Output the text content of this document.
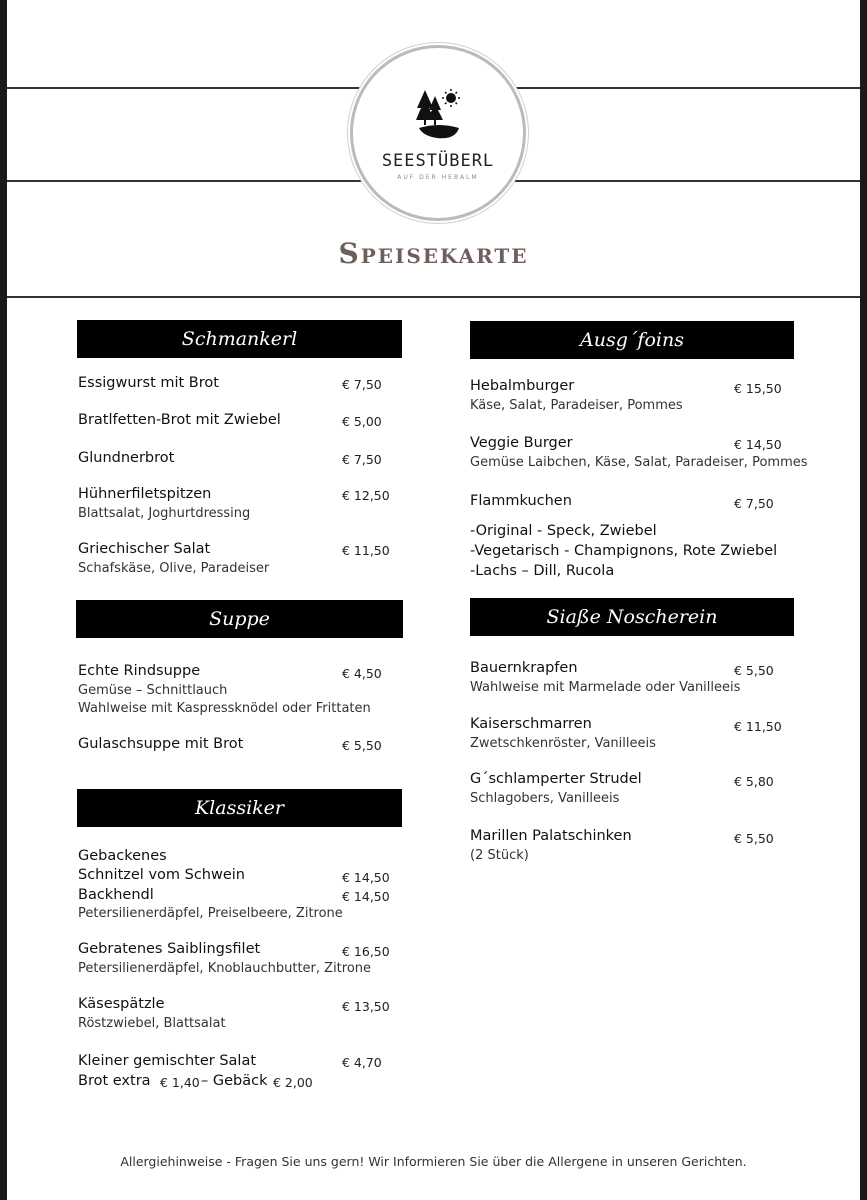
SEESTÜBERL
AUF DER HEBALM
Speisekarte
Schmankerl
Essigwurst mit Brot	€ 7,50
Bratlfetten-Brot mit Zwiebel	€ 5,00
Glundnerbrot	€ 7,50
Hühnerfiletspitzen	€ 12,50
Blattsalat, Joghurtdressing
Griechischer Salat	€ 11,50
Schafskäse, Olive, Paradeiser
Suppe
Echte Rindsuppe	€ 4,50
Gemüse – Schnittlauch
Wahlweise mit Kaspressknödel oder Frittaten
Gulaschsuppe mit Brot	€ 5,50
Klassiker
Gebackenes
Schnitzel vom Schwein	€ 14,50
Backhendl	€ 14,50
Petersilienerdäpfel, Preiselbeere, Zitrone
Gebratenes Saiblingsfilet	€ 16,50
Petersilienerdäpfel, Knoblauchbutter, Zitrone
Käsespätzle	€ 13,50
Röstzwiebel, Blattsalat
Kleiner gemischter Salat	€ 4,70
Brot extra € 1,40 – Gebäck € 2,00
Ausg´foins
Hebalmburger	€ 15,50
Käse, Salat, Paradeiser, Pommes
Veggie Burger	€ 14,50
Gemüse Laibchen, Käse, Salat, Paradeiser, Pommes
Flammkuchen	€ 7,50
-Original - Speck, Zwiebel
-Vegetarisch - Champignons, Rote Zwiebel
-Lachs – Dill, Rucola
Siaße Noscherein
Bauernkrapfen	€ 5,50
Wahlweise mit Marmelade oder Vanilleeis
Kaiserschmarren	€ 11,50
Zwetschkenröster, Vanilleeis
G´schlamperter Strudel	€ 5,80
Schlagobers, Vanilleeis
Marillen Palatschinken	€ 5,50
(2 Stück)
Allergiehinweise - Fragen Sie uns gern! Wir Informieren Sie über die Allergene in unseren Gerichten.
